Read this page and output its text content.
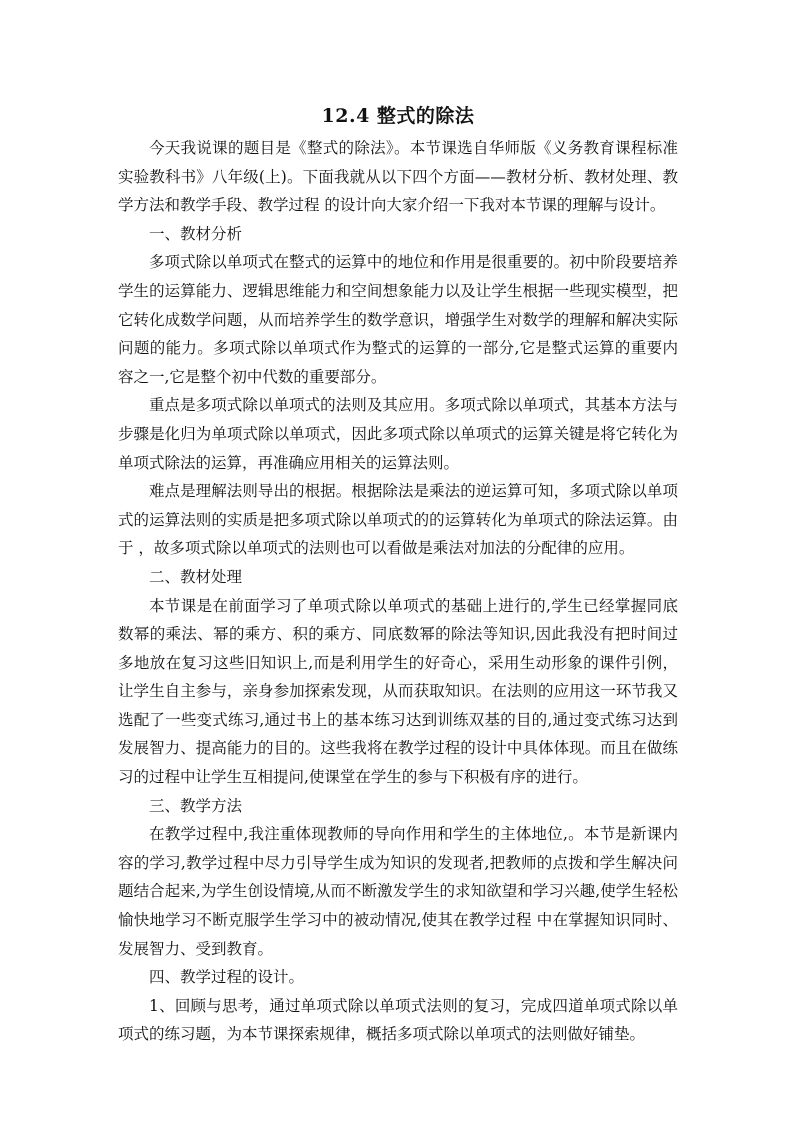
12.4 整式的除法

今天我说课的题目是《整式的除法》。本节课选自华师版《义务教育课程标准实验教科书》八年级(上)。下面我就从以下四个方面——教材分析、教材处理、教学方法和教学手段、教学过程 的设计向大家介绍一下我对本节课的理解与设计。

一、教材分析

多项式除以单项式在整式的运算中的地位和作用是很重要的。初中阶段要培养学生的运算能力、逻辑思维能力和空间想象能力以及让学生根据一些现实模型，把它转化成数学问题，从而培养学生的数学意识，增强学生对数学的理解和解决实际问题的能力。多项式除以单项式作为整式的运算的一部分,它是整式运算的重要内容之一,它是整个初中代数的重要部分。

重点是多项式除以单项式的法则及其应用。多项式除以单项式，其基本方法与步骤是化归为单项式除以单项式，因此多项式除以单项式的运算关键是将它转化为单项式除法的运算，再准确应用相关的运算法则。

难点是理解法则导出的根据。根据除法是乘法的逆运算可知，多项式除以单项式的运算法则的实质是把多项式除以单项式的的运算转化为单项式的除法运算。由于 ，故多项式除以单项式的法则也可以看做是乘法对加法的分配律的应用。

二、教材处理

本节课是在前面学习了单项式除以单项式的基础上进行的,学生已经掌握同底数幂的乘法、幂的乘方、积的乘方、同底数幂的除法等知识,因此我没有把时间过多地放在复习这些旧知识上,而是利用学生的好奇心，采用生动形象的课件引例，让学生自主参与，亲身参加探索发现，从而获取知识。在法则的应用这一环节我又选配了一些变式练习,通过书上的基本练习达到训练双基的目的,通过变式练习达到发展智力、提高能力的目的。这些我将在教学过程的设计中具体体现。而且在做练习的过程中让学生互相提问,使课堂在学生的参与下积极有序的进行。

三、教学方法

在教学过程中,我注重体现教师的导向作用和学生的主体地位,。本节是新课内容的学习,教学过程中尽力引导学生成为知识的发现者,把教师的点拨和学生解决问题结合起来,为学生创设情境,从而不断激发学生的求知欲望和学习兴趣,使学生轻松愉快地学习不断克服学生学习中的被动情况,使其在教学过程 中在掌握知识同时、发展智力、受到教育。

四、教学过程的设计。

1、回顾与思考，通过单项式除以单项式法则的复习，完成四道单项式除以单项式的练习题，为本节课探索规律，概括多项式除以单项式的法则做好铺垫。
